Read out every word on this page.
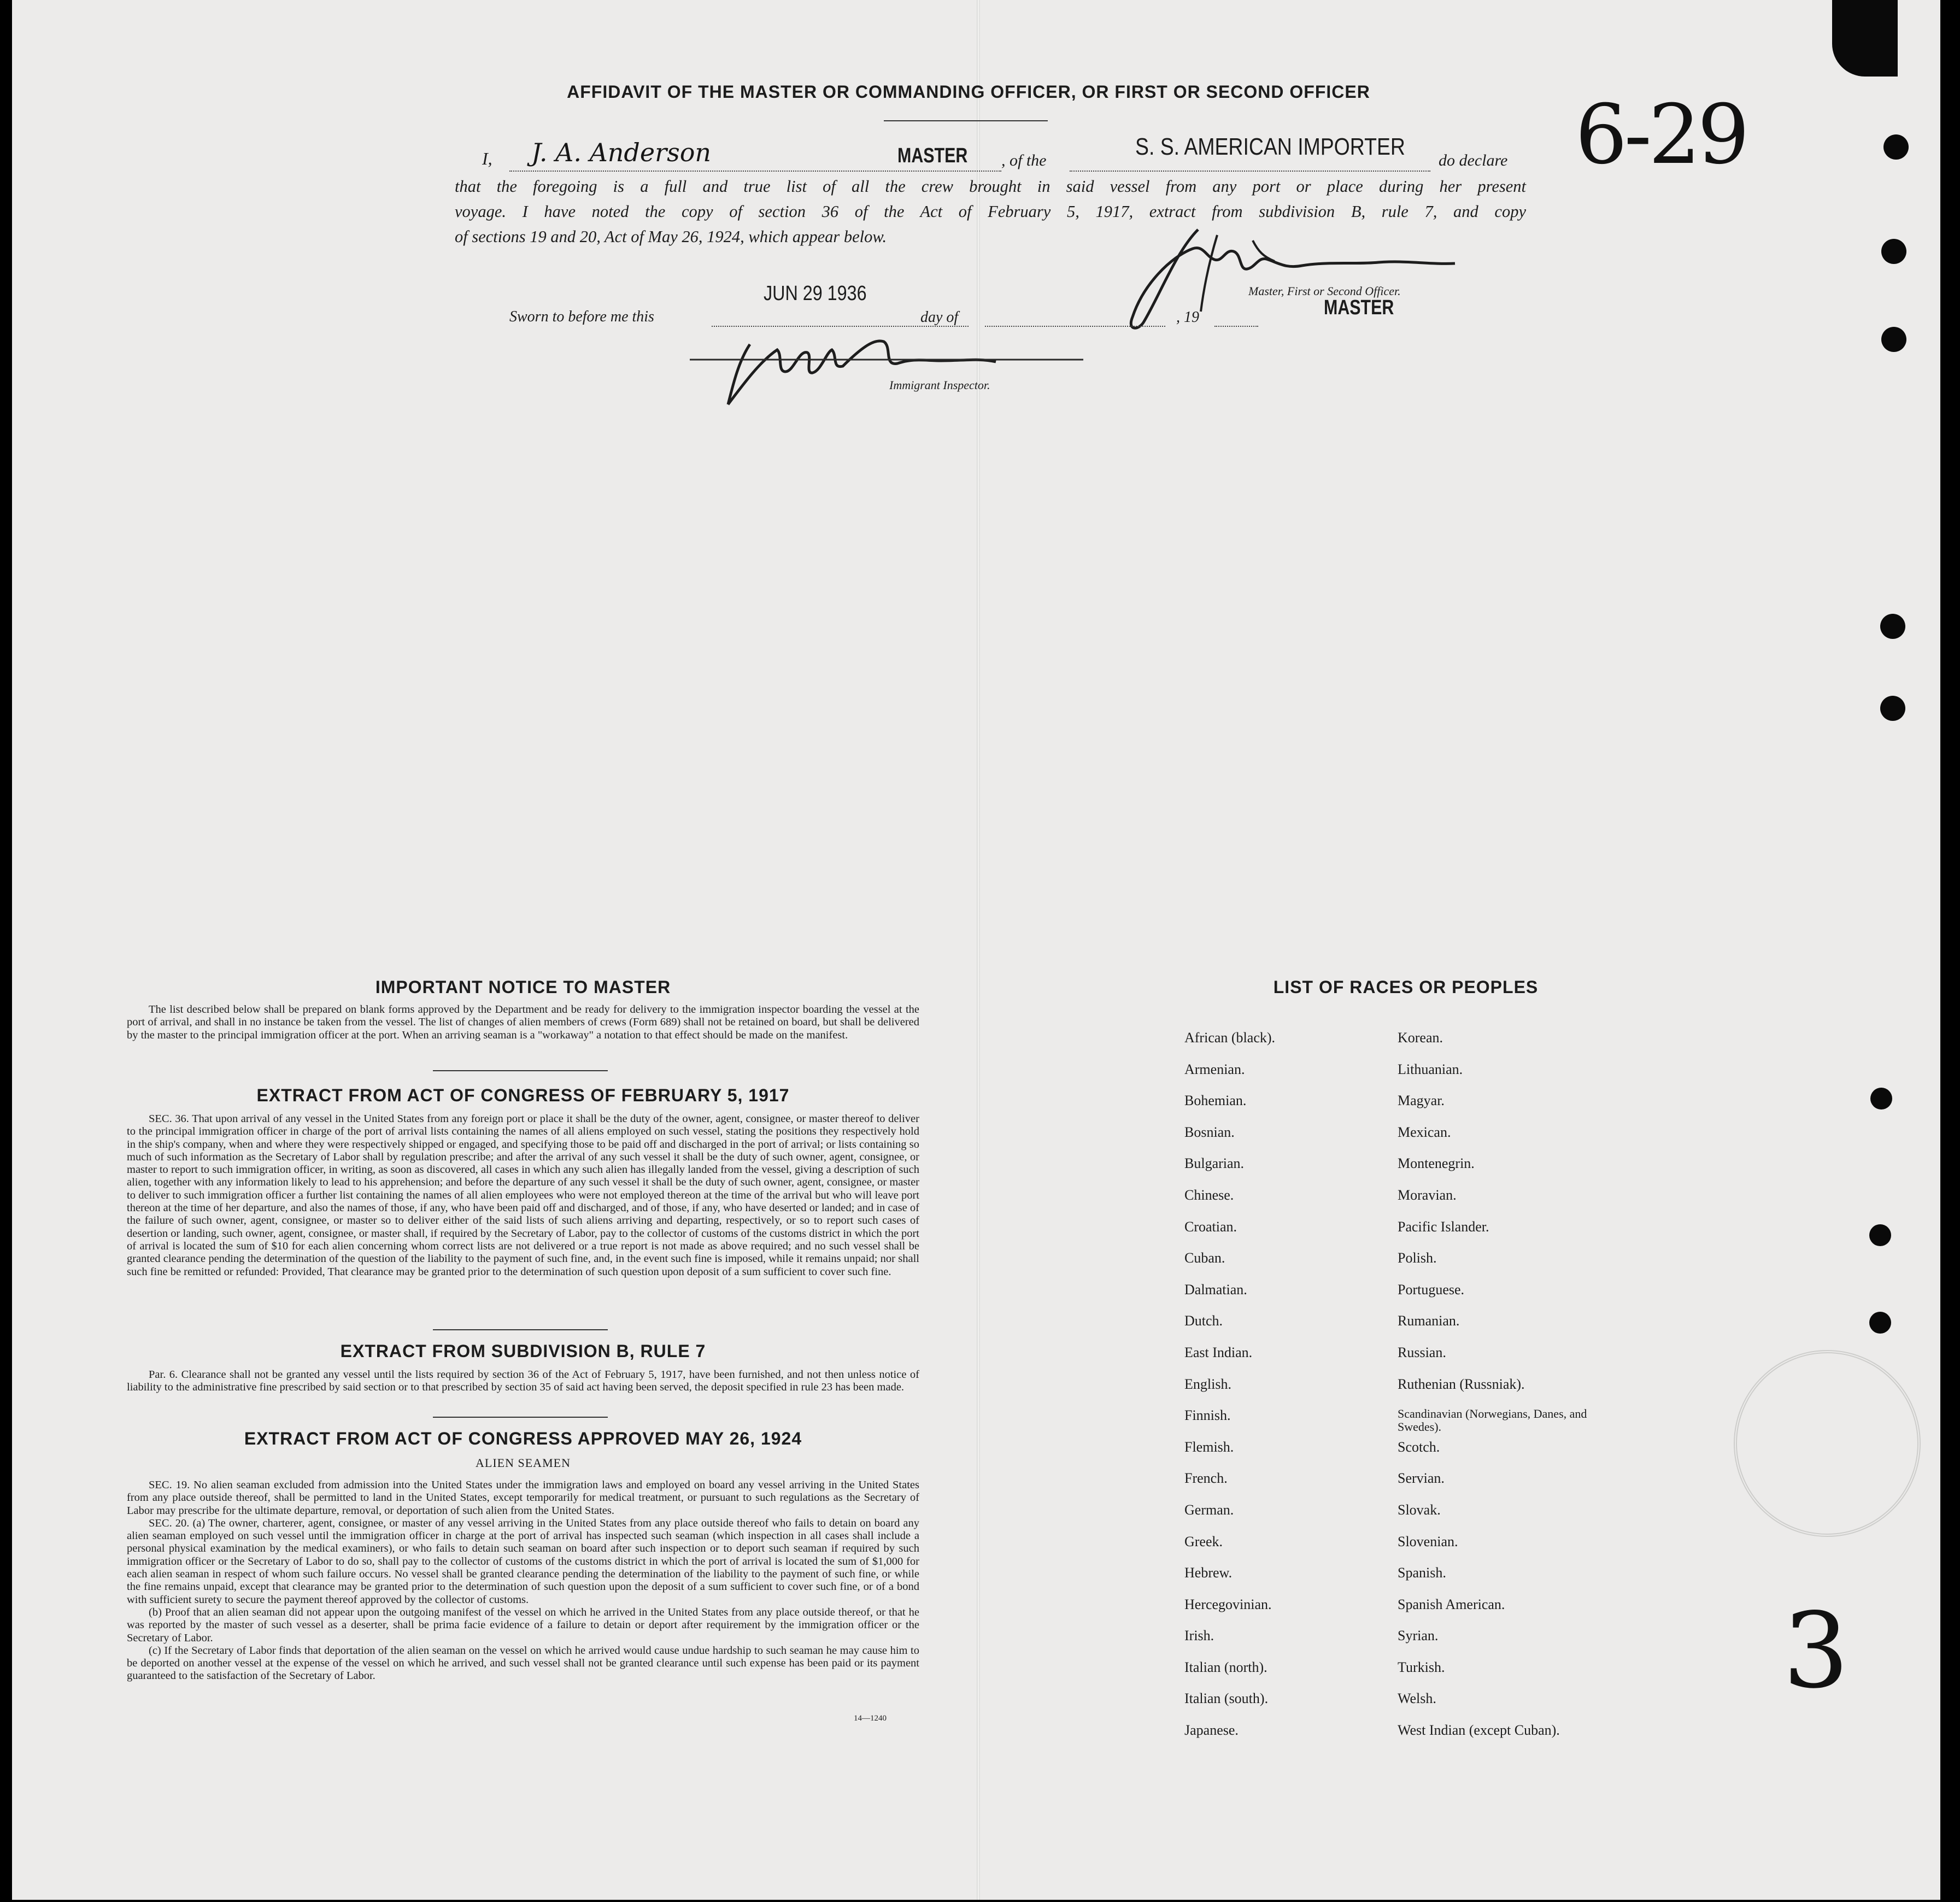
AFFIDAVIT OF THE MASTER OR COMMANDING OFFICER, OR FIRST OR SECOND OFFICER
I, J. A. Anderson	MASTER , of the
S. S. AMERICAN IMPORTER
do declare
that the foregoing is a full and true list of all the crew brought in said vessel from any port or place during her present
voyage. I have noted the copy of section 36 of the Act of February 5, 1917, extract from subdivision B, rule 7, and copy
of sections 19 and 20, Act of May 26, 1924, which appear below.
Master, First or Second Officer.
MASTER
Sworn to before me this
JUN 29 1936
day of	, 19
Immigrant Inspector.
6-29
3
IMPORTANT NOTICE TO MASTER
The list described below shall be prepared on blank forms approved by the Department and be ready for delivery to the immigration inspector boarding the vessel at the port of arrival, and shall in no instance be taken from the vessel. The list of changes of alien members of crews (Form 689) shall not be retained on board, but shall be delivered by the master to the principal immigration officer at the port. When an arriving seaman is a "workaway" a notation to that effect should be made on the manifest.
EXTRACT FROM ACT OF CONGRESS OF FEBRUARY 5, 1917
SEC. 36. That upon arrival of any vessel in the United States from any foreign port or place it shall be the duty of the owner, agent, consignee, or master thereof to deliver to the principal immigration officer in charge of the port of arrival lists containing the names of all aliens employed on such vessel, stating the positions they respectively hold in the ship's company, when and where they were respectively shipped or engaged, and specifying those to be paid off and discharged in the port of arrival; or lists containing so much of such information as the Secretary of Labor shall by regulation prescribe; and after the arrival of any such vessel it shall be the duty of such owner, agent, consignee, or master to report to such immigration officer, in writing, as soon as discovered, all cases in which any such alien has illegally landed from the vessel, giving a description of such alien, together with any information likely to lead to his apprehension; and before the departure of any such vessel it shall be the duty of such owner, agent, consignee, or master to deliver to such immigration officer a further list containing the names of all alien employees who were not employed thereon at the time of the arrival but who will leave port thereon at the time of her departure, and also the names of those, if any, who have been paid off and discharged, and of those, if any, who have deserted or landed; and in case of the failure of such owner, agent, consignee, or master so to deliver either of the said lists of such aliens arriving and departing, respectively, or so to report such cases of desertion or landing, such owner, agent, consignee, or master shall, if required by the Secretary of Labor, pay to the collector of customs of the customs district in which the port of arrival is located the sum of $10 for each alien concerning whom correct lists are not delivered or a true report is not made as above required; and no such vessel shall be granted clearance pending the determination of the question of the liability to the payment of such fine, and, in the event such fine is imposed, while it remains unpaid; nor shall such fine be remitted or refunded: Provided, That clearance may be granted prior to the determination of such question upon deposit of a sum sufficient to cover such fine.
EXTRACT FROM SUBDIVISION B, RULE 7
Par. 6. Clearance shall not be granted any vessel until the lists required by section 36 of the Act of February 5, 1917, have been furnished, and not then unless notice of liability to the administrative fine prescribed by said section or to that prescribed by section 35 of said act having been served, the deposit specified in rule 23 has been made.
EXTRACT FROM ACT OF CONGRESS APPROVED MAY 26, 1924
ALIEN SEAMEN
SEC. 19. No alien seaman excluded from admission into the United States under the immigration laws and employed on board any vessel arriving in the United States from any place outside thereof, shall be permitted to land in the United States, except temporarily for medical treatment, or pursuant to such regulations as the Secretary of Labor may prescribe for the ultimate departure, removal, or deportation of such alien from the United States.
SEC. 20. (a) The owner, charterer, agent, consignee, or master of any vessel arriving in the United States from any place outside thereof who fails to detain on board any alien seaman employed on such vessel until the immigration officer in charge at the port of arrival has inspected such seaman (which inspection in all cases shall include a personal physical examination by the medical examiners), or who fails to detain such seaman on board after such inspection or to deport such seaman if required by such immigration officer or the Secretary of Labor to do so, shall pay to the collector of customs of the customs district in which the port of arrival is located the sum of $1,000 for each alien seaman in respect of whom such failure occurs. No vessel shall be granted clearance pending the determination of the liability to the payment of such fine, or while the fine remains unpaid, except that clearance may be granted prior to the determination of such question upon the deposit of a sum sufficient to cover such fine, or of a bond with sufficient surety to secure the payment thereof approved by the collector of customs.
(b) Proof that an alien seaman did not appear upon the outgoing manifest of the vessel on which he arrived in the United States from any place outside thereof, or that he was reported by the master of such vessel as a deserter, shall be prima facie evidence of a failure to detain or deport after requirement by the immigration officer or the Secretary of Labor.
(c) If the Secretary of Labor finds that deportation of the alien seaman on the vessel on which he arrived would cause undue hardship to such seaman he may cause him to be deported on another vessel at the expense of the vessel on which he arrived, and such vessel shall not be granted clearance until such expense has been paid or its payment guaranteed to the satisfaction of the Secretary of Labor.
14—1240
LIST OF RACES OR PEOPLES
African (black).	Korean.
Armenian.	Lithuanian.
Bohemian.	Magyar.
Bosnian.	Mexican.
Bulgarian.	Montenegrin.
Chinese.	Moravian.
Croatian.	Pacific Islander.
Cuban.	Polish.
Dalmatian.	Portuguese.
Dutch.	Rumanian.
East Indian.	Russian.
English.	Ruthenian (Russniak).
Finnish.	Scandinavian (Norwegians, Danes, and Swedes).
Flemish.	Scotch.
French.	Servian.
German.	Slovak.
Greek.	Slovenian.
Hebrew.	Spanish.
Hercegovinian.	Spanish American.
Irish.	Syrian.
Italian (north).	Turkish.
Italian (south).	Welsh.
Japanese.	West Indian (except Cuban).
